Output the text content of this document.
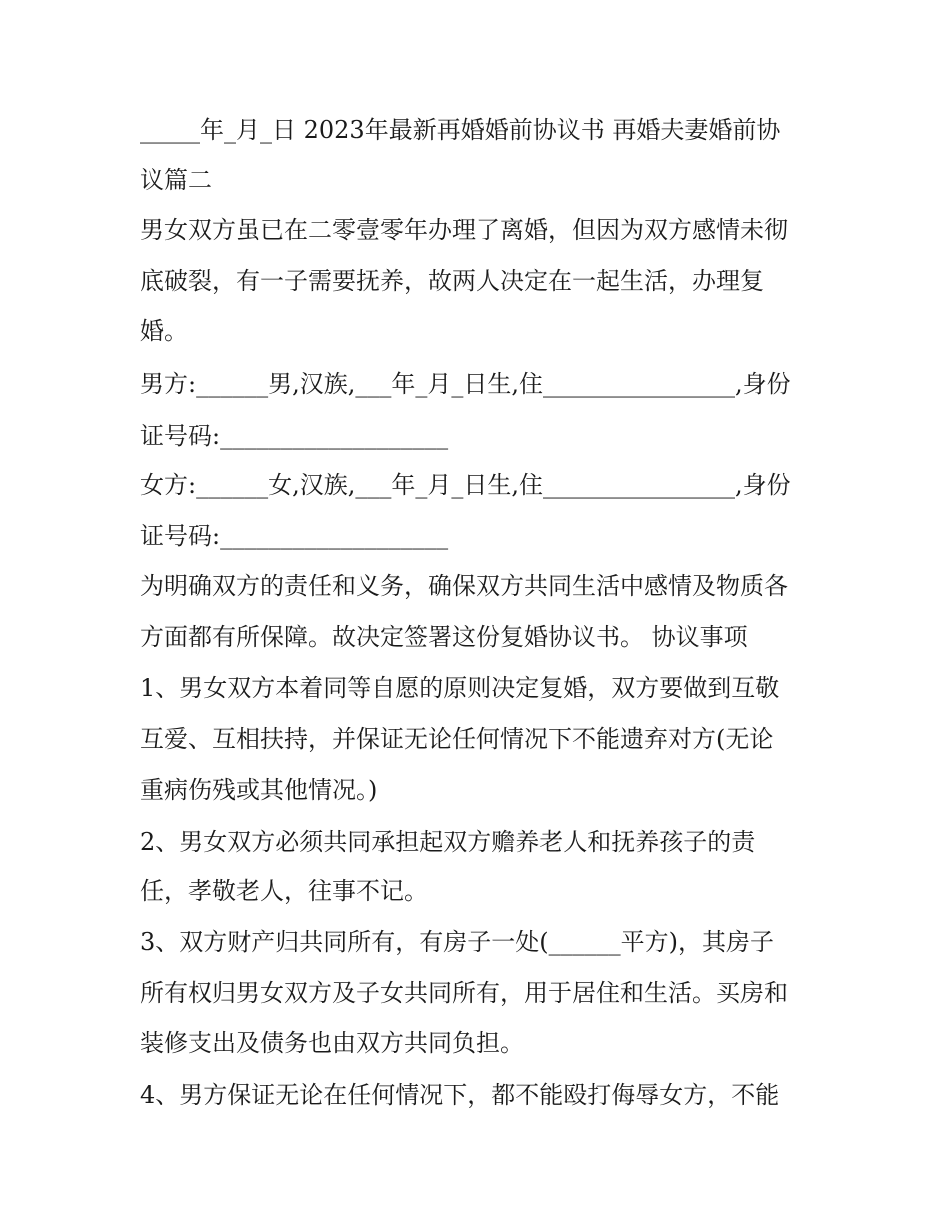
_____年_月_日 2023年最新再婚婚前协议书 再婚夫妻婚前协
议篇二
男女双方虽已在二零壹零年办理了离婚，但因为双方感情未彻
底破裂，有一子需要抚养，故两人决定在一起生活，办理复
婚。
男方:______男,汉族,___年_月_日生,住________________,身份
证号码:___________________
女方:______女,汉族,___年_月_日生,住________________,身份
证号码:___________________
为明确双方的责任和义务，确保双方共同生活中感情及物质各
方面都有所保障。故决定签署这份复婚协议书。 协议事项
1、男女双方本着同等自愿的原则决定复婚，双方要做到互敬
互爱、互相扶持，并保证无论任何情况下不能遗弃对方(无论
重病伤残或其他情况。)
2、男女双方必须共同承担起双方赡养老人和抚养孩子的责
任，孝敬老人，往事不记。
3、双方财产归共同所有，有房子一处(______平方)，其房子
所有权归男女双方及子女共同所有，用于居住和生活。买房和
装修支出及债务也由双方共同负担。
4、男方保证无论在任何情况下，都不能殴打侮辱女方，不能
